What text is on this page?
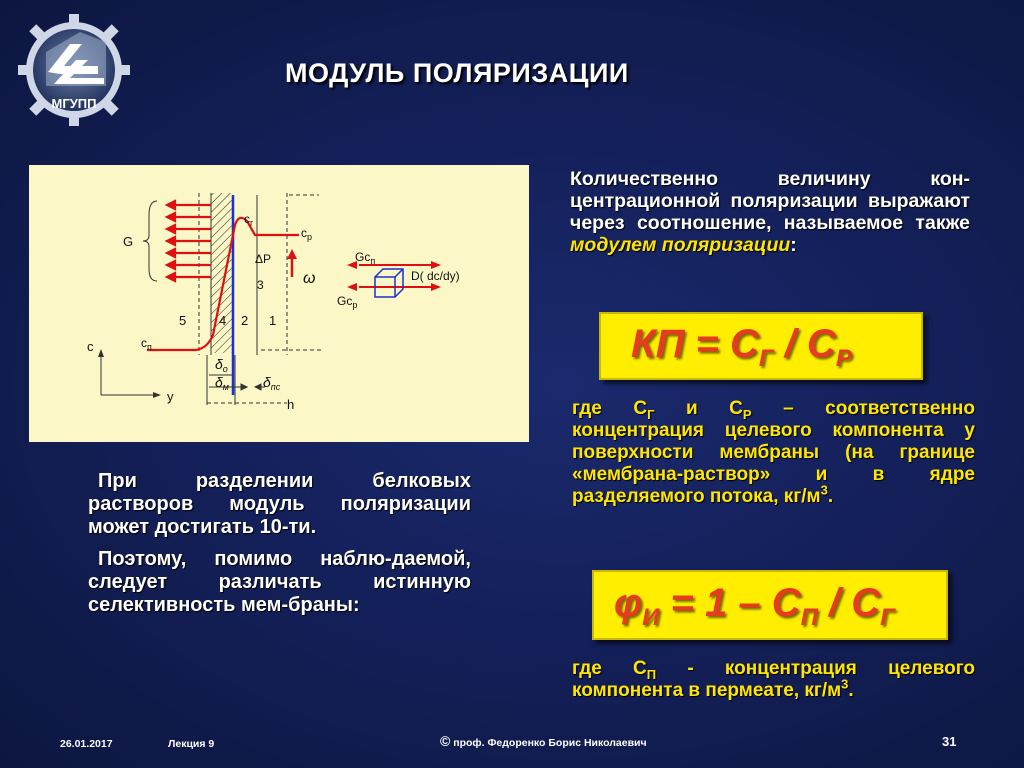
МГУПП
МОДУЛЬ ПОЛЯРИЗАЦИИ
G
$c_г$
$c_р$
ΔP
ω
3
$Gc_п$
D( dc/dy)
$Gc_р$
5	4 2 1
c	$c_п$
$\delta_о$
$\delta_м$ $\delta_{пс}$
y
h
Количественно величину кон-центрационной поляризации выражают через соотношение, называемое также модулем поляризации:
КП = $С_Г / С_Р$
где $С_Г$ и $С_Р$ – соответственно концентрация целевого компонента у поверхности мембраны (на границе «мембрана-раствор» и в ядре разделяемого потока, $кг/м^3$.
$\varphi_И = 1 - С_П / С_Г$
где $С_П$ - концентрация целевого компонента в пермеате, $кг/м^3$.
При разделении белковых растворов модуль поляризации может достигать 10-ти.
Поэтому, помимо наблю-даемой, следует различать истинную селективность мем-браны:
26.01.2017	Лекция 9	© проф. Федоренко Борис Николаевич	31
